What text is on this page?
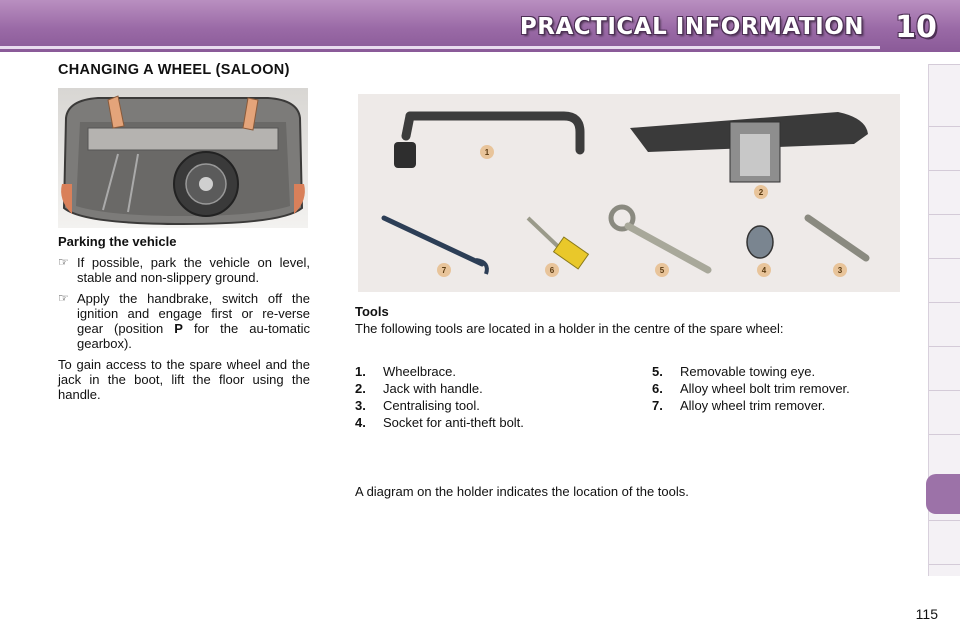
PRACTICAL INFORMATION 10
CHANGING A WHEEL (SALOON)
Parking the vehicle
☞ If possible, park the vehicle on level, stable and non-slippery ground.
☞ Apply the handbrake, switch off the ignition and engage first or re-verse gear (position P for the au-tomatic gearbox).
To gain access to the spare wheel and the jack in the boot, lift the floor using the handle.
1
2
3
4
5
6
7
Tools
The following tools are located in a holder in the centre of the spare wheel:
1.	Wheelbrace.
2.	Jack with handle.
3.	Centralising tool.
4.	Socket for anti-theft bolt.
5.	Removable towing eye.
6.	Alloy wheel bolt trim remover.
7.	Alloy wheel trim remover.
A diagram on the holder indicates the location of the tools.
115
